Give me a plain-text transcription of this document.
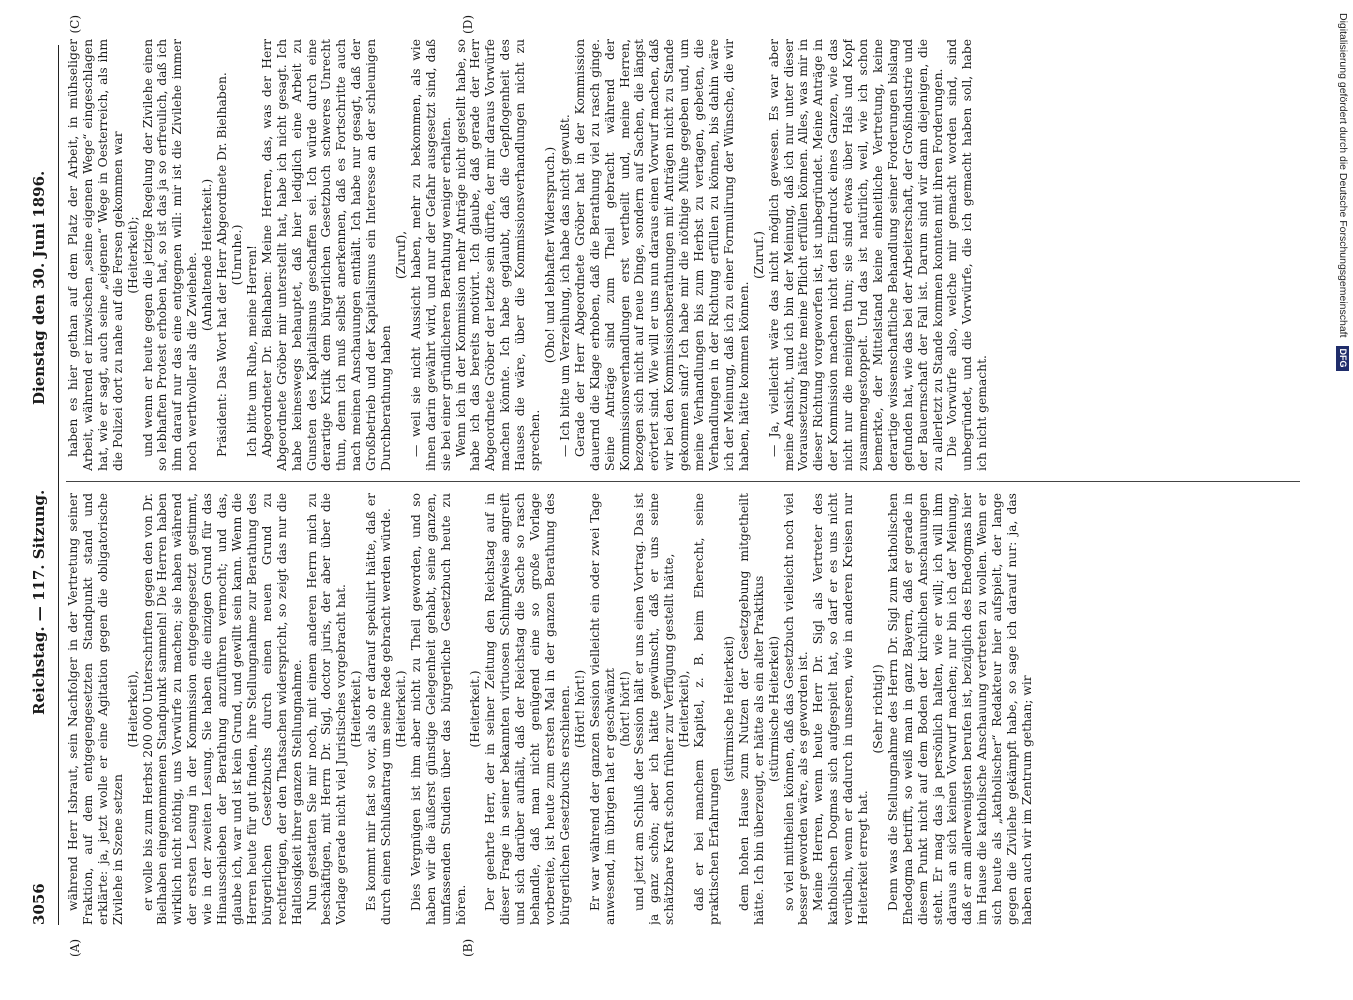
3056
Reichstag. — 117. Sitzung.
Dienstag den 30. Juni 1896.
(A)	(B)
(C)	(D)

während Herr Isbraut, sein Nachfolger in der Vertretung seiner Fraktion, auf dem entgegengesetzten Standpunkt stand und erklärte: ja, jetzt wolle er eine Agitation gegen die obligatorische Zivilehe in Szene setzen

(Heiterkeit), er wolle bis zum Herbst 200 000 Unterschriften gegen den von Dr. Bielhaben eingenommenen Standpunkt sammeln! Die Herren haben wirklich nicht nöthig, uns Vorwürfe zu machen; sie haben während der ersten Lesung in der Kommission entgegengesetzt gestimmt, wie in der zweiten Lesung. Sie haben die einzigen Grund für das Hinausschieben der Berathung anzuführen vermocht; und das, glaube ich, war und ist kein Grund, und gewillt sein kann. Wenn die Herren heute für gut finden, ihre Stellungnahme zur Berathung des bürgerlichen Gesetzbuchs durch einen neuen Grund zu rechtfertigen, der den Thatsachen widerspricht, so zeigt das nur die Haltlosigkeit ihrer ganzen Stellungnahme. Nun gestatten Sie mir noch, mit einem anderen Herrn mich zu beschäftigen, mit Herrn Dr. Sigl, doctor juris, der aber über die Vorlage gerade nicht viel Juristisches vorgebracht hat. (Heiterkeit.) Es kommt mir fast so vor, als ob er darauf spekulirt hätte, daß er durch einen Schlußantrag um seine Rede gebracht werden würde. (Heiterkeit.) Dies Vergnügen ist ihm aber nicht zu Theil geworden, und so haben wir die äußerst günstige Gelegenheit gehabt, seine ganzen, umfassenden Studien über das bürgerliche Gesetzbuch heute zu hören.

(Heiterkeit.) Der geehrte Herr, der in seiner Zeitung den Reichstag auf in dieser Frage in seiner bekannten virtuosen Schimpfweise angreift und sich darüber aufhält, daß der Reichstag die Sache so rasch behandle, daß man nicht genügend eine so große Vorlage vorbereite, ist heute zum ersten Mal in der ganzen Berathung des bürgerlichen Gesetzbuchs erschienen. (Hört! hört!) Er war während der ganzen Session vielleicht ein oder zwei Tage anwesend, im übrigen hat er geschwänzt (hört! hört!) und jetzt am Schluß der Session hält er uns einen Vortrag. Das ist ja ganz schön; aber ich hätte gewünscht, daß er uns seine schätzbare Kraft schon früher zur Verfügung gestellt hätte, (Heiterkeit), daß er bei manchem Kapitel, z. B. beim Eherecht, seine praktischen Erfahrungen

(stürmische Heiterkeit) dem hohen Hause zum Nutzen der Gesetzgebung mitgetheilt hätte. Ich bin überzeugt, er hätte als ein alter Praktikus (stürmische Heiterkeit) so viel mittheilen können, daß das Gesetzbuch vielleicht noch viel besser geworden wäre, als es geworden ist. Meine Herren, wenn heute Herr Dr. Sigl als Vertreter des katholischen Dogmas sich aufgespielt hat, so darf er es uns nicht verübeln, wenn er dadurch in unseren, wie in anderen Kreisen nur Heiterkeit erregt hat.

(Sehr richtig!) Denn was die Stellungnahme des Herrn Dr. Sigl zum katholischen Ehedogma betrifft, so weiß man in ganz Bayern, daß er gerade in diesem Punkt nicht auf dem Boden der kirchlichen Anschauungen steht. Er mag das ja persönlich halten, wie er will; ich will ihm daraus an sich keinen Vorwurf machen; nur bin ich der Meinung, daß er am allerwenigsten berufen ist, bezüglich des Ehedogmas hier im Hause die katholische Anschauung vertreten zu wollen. Wenn er sich heute als „katholischer“ Redakteur hier aufspielt, der lange gegen die Zivilehe gekämpft habe, so sage ich darauf nur: ja, das haben auch wir im Zentrum gethan; wir

haben es hier gethan auf dem Platz der Arbeit, in mühseliger Arbeit, während er inzwischen „seine eigenen Wege“ eingeschlagen hat, wie er sagt, auch seine „eigenen“ Wege in Oesterreich, als ihm die Polizei dort zu nahe auf die Fersen gekommen war (Heiterkeit); und wenn er heute gegen die jetzige Regelung der Zivilehe einen so lebhaften Protest erhoben hat, so ist das ja so erfreulich, daß ich ihm darauf nur das eine entgegnen will: mir ist die Zivilehe immer noch werthvoller als die Zwiehehe. (Anhaltende Heiterkeit.) Präsident: Das Wort hat der Herr Abgeordnete Dr. Bielhaben. (Unruhe.) Ich bitte um Ruhe, meine Herren! Abgeordneter Dr. Bielhaben: Meine Herren, das, was der Herr Abgeordnete Gröber mir unterstellt hat, habe ich nicht gesagt. Ich habe keineswegs behauptet, daß hier lediglich eine Arbeit zu Gunsten des Kapitalismus geschaffen sei. Ich würde durch eine derartige Kritik dem bürgerlichen Gesetzbuch schweres Unrecht thun, denn ich muß selbst anerkennen, daß es Fortschritte auch nach meinen Anschauungen enthält. Ich habe nur gesagt, daß der Großbetrieb und der Kapitalismus ein Interesse an der schleunigen Durchberathung haben

(Zuruf), — weil sie nicht Aussicht haben, mehr zu bekommen, als wie ihnen darin gewährt wird, und nur der Gefahr ausgesetzt sind, daß sie bei einer gründlicheren Berathung weniger erhalten. Wenn ich in der Kommission mehr Anträge nicht gestellt habe, so habe ich das bereits motivirt. Ich glaube, daß gerade der Herr Abgeordnete Gröber der letzte sein dürfte, der mir daraus Vorwürfe machen könnte. Ich habe geglaubt, daß die Gepflogenheit des Hauses die wäre, über die Kommissionsverhandlungen nicht zu sprechen.

(Oho! und lebhafter Widerspruch.) — Ich bitte um Verzeihung, ich habe das nicht gewußt. Gerade der Herr Abgeordnete Gröber hat in der Kommission dauernd die Klage erhoben, daß die Berathung viel zu rasch ginge. Seine Anträge sind zum Theil gebracht während der Kommissionsverhandlungen erst vertheilt und, meine Herren, bezogen sich nicht auf neue Dinge, sondern auf Sachen, die längst erörtert sind. Wie will er uns nun daraus einen Vorwurf machen, daß wir bei den Kommissionsberathungen mit Anträgen nicht zu Stande gekommen sind? Ich habe mir die nöthige Mühe gegeben und, um meine Verhandlungen bis zum Herbst zu vertagen, gebeten, die Verhandlungen in der Richtung erfüllen zu können, bis dahin wäre ich der Meinung, daß ich zu einer Formulirung der Wünsche, die wir haben, hätte kommen können.

(Zuruf.) — Ja, vielleicht wäre das nicht möglich gewesen. Es war aber meine Ansicht, und ich bin der Meinung, daß ich nur unter dieser Voraussetzung hätte meine Pflicht erfüllen können. Alles, was mir in dieser Richtung vorgeworfen ist, ist unbegründet. Meine Anträge in der Kommission machen nicht den Eindruck eines Ganzen, wie das nicht nur die meinigen thun; sie sind etwas über Hals und Kopf zusammengestoppelt. Und das ist natürlich, weil, wie ich schon bemerkte, der Mittelstand keine einheitliche Vertretung, keine derartige wissenschaftliche Behandlung seiner Forderungen bislang gefunden hat, wie das bei der Arbeiterschaft, der Großindustrie und der Bauernschaft der Fall ist. Darum sind wir dann diejenigen, die zu allerletzt zu Stande kommen konnten mit ihren Forderungen. Die Vorwürfe also, welche mir gemacht worden sind, sind unbegründet, und die Vorwürfe, die ich gemacht haben soll, habe ich nicht gemacht.

Digitalisierung gefördert durch die Deutsche ForschungsgemeinschaftDFG
